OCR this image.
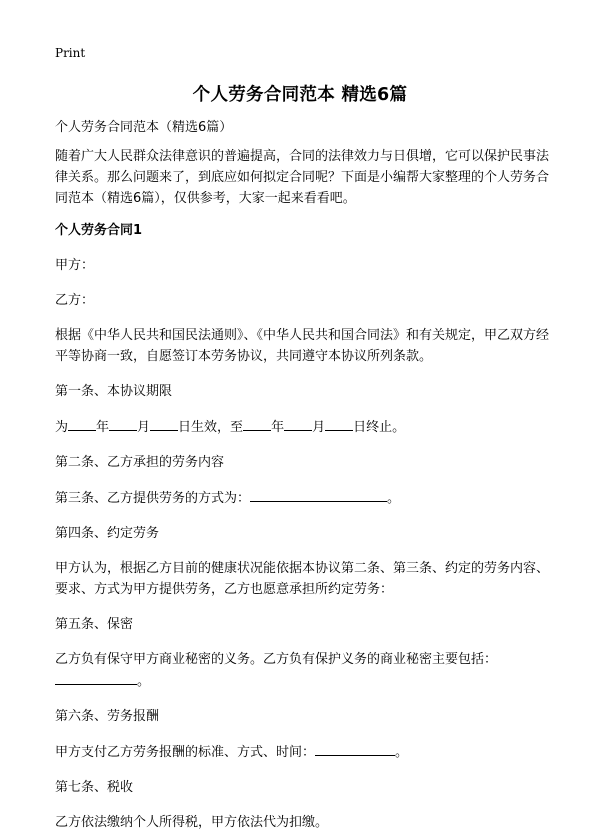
Print
个人劳务合同范本 精选6篇

个人劳务合同范本（精选6篇）

随着广大人民群众法律意识的普遍提高，合同的法律效力与日俱增，它可以保护民事法律关系。那么问题来了，到底应如何拟定合同呢？下面是小编帮大家整理的个人劳务合同范本（精选6篇），仅供参考，大家一起来看看吧。

个人劳务合同1

甲方：

乙方：

根据《中华人民共和国民法通则》、《中华人民共和国合同法》和有关规定，甲乙双方经平等协商一致，自愿签订本劳务协议，共同遵守本协议所列条款。

第一条、本协议期限

为 年 月 日生效，至 年 月 日终止。

第二条、乙方承担的劳务内容

第三条、乙方提供劳务的方式为：	。

第四条、约定劳务

甲方认为，根据乙方目前的健康状况能依据本协议第二条、第三条、约定的劳务内容、要求、方式为甲方提供劳务，乙方也愿意承担所约定劳务：

第五条、保密

乙方负有保守甲方商业秘密的义务。乙方负有保护义务的商业秘密主要包括：
。

第六条、劳务报酬

甲方支付乙方劳务报酬的标准、方式、时间：	。

第七条、税收

乙方依法缴纳个人所得税，甲方依法代为扣缴。
